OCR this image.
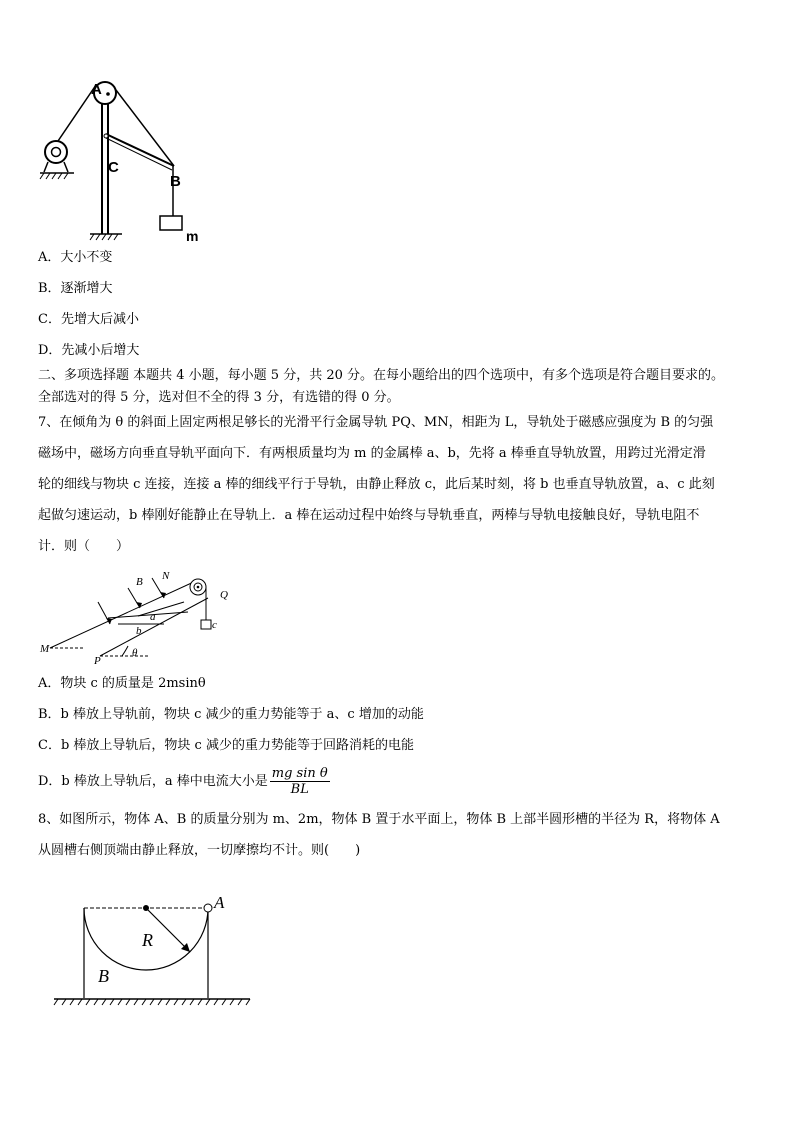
A
C
B
m
A．大小不变
B．逐渐增大
C．先增大后减小
D．先减小后增大
二、多项选择题 本题共 4 小题，每小题 5 分，共 20 分。在每小题给出的四个选项中，有多个选项是符合题目要求的。
全部选对的得 5 分，选对但不全的得 3 分，有选错的得 0 分。
7、在倾角为 θ 的斜面上固定两根足够长的光滑平行金属导轨 PQ、MN，相距为 L，导轨处于磁感应强度为 B 的匀强
磁场中，磁场方向垂直导轨平面向下．有两根质量均为 m 的金属棒 a、b，先将 a 棒垂直导轨放置，用跨过光滑定滑
轮的细线与物块 c 连接，连接 a 棒的细线平行于导轨，由静止释放 c，此后某时刻，将 b 也垂直导轨放置，a、c 此刻
起做匀速运动，b 棒刚好能静止在导轨上．a 棒在运动过程中始终与导轨垂直，两棒与导轨电接触良好，导轨电阻不
计．则（　　）
B N
Q
a
b	c
M
P
θ
A．物块 c 的质量是 2msinθ
B．b 棒放上导轨前，物块 c 减少的重力势能等于 a、c 增加的动能
C．b 棒放上导轨后，物块 c 减少的重力势能等于回路消耗的电能
D．b 棒放上导轨后，a 棒中电流大小是 $\frac{\text{mg sin θ}}{BL}$
8、如图所示，物体 A、B 的质量分别为 m、2m，物体 B 置于水平面上，物体 B 上部半圆形槽的半径为 R，将物体 A
从圆槽右侧顶端由静止释放，一切摩擦均不计。则(　　)
A
R
B
